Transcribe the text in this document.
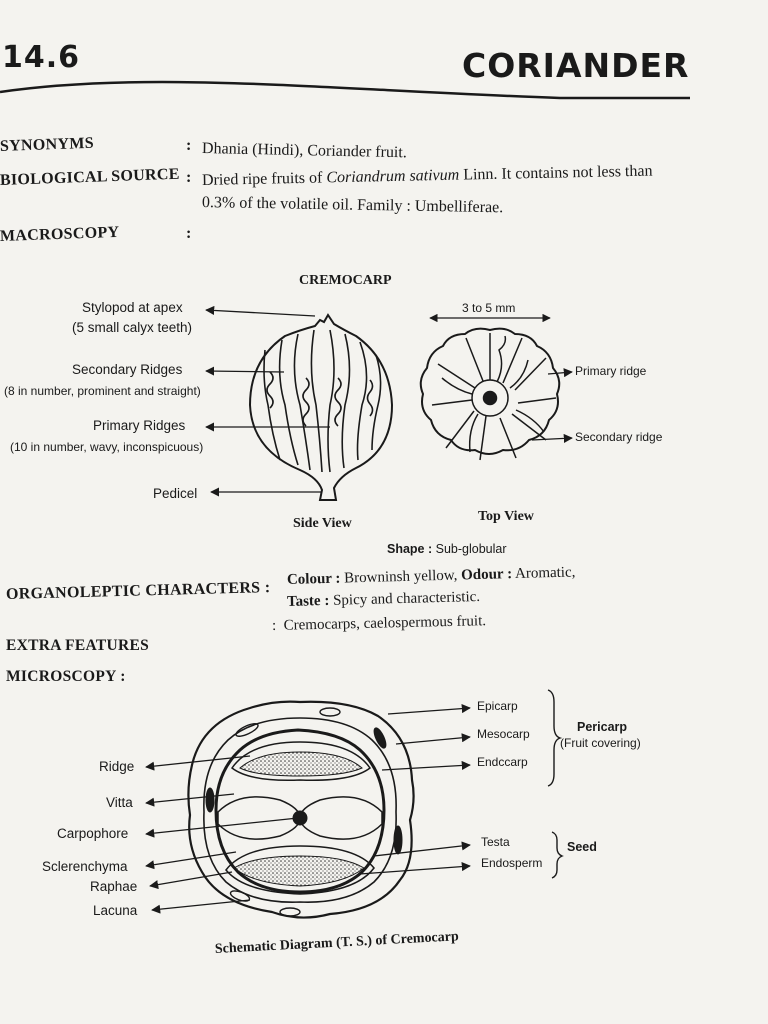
14.6	CORIANDER
SYNONYMS	: Dhania (Hindi), Coriander fruit.
BIOLOGICAL SOURCE : Dried ripe fruits of Coriandrum sativum Linn. It contains not less than
0.3% of the volatile oil. Family : Umbelliferae.
MACROSCOPY	:
CREMOCARP
Stylopod at apex
(5 small calyx teeth)
Secondary Ridges
(8 in number, prominent and straight)
Primary Ridges
(10 in number, wavy, inconspicuous)
Pedicel
3 to 5 mm
Primary ridge
Secondary ridge
Side View	Top View
Shape : Sub-globular
ORGANOLEPTIC CHARACTERS : Colour : Browninsh yellow, Odour : Aromatic,
Taste : Spicy and characteristic.
EXTRA FEATURES
:  Cremocarps, caelospermous fruit.
MICROSCOPY :
Ridge
Vitta
Carpophore
Sclerenchyma
Raphae
Lacuna
Epicarp
Mesocarp
Endccarp
Pericarp
(Fruit covering)
Testa
Endosperm
Seed
Schematic Diagram (T. S.) of Cremocarp
